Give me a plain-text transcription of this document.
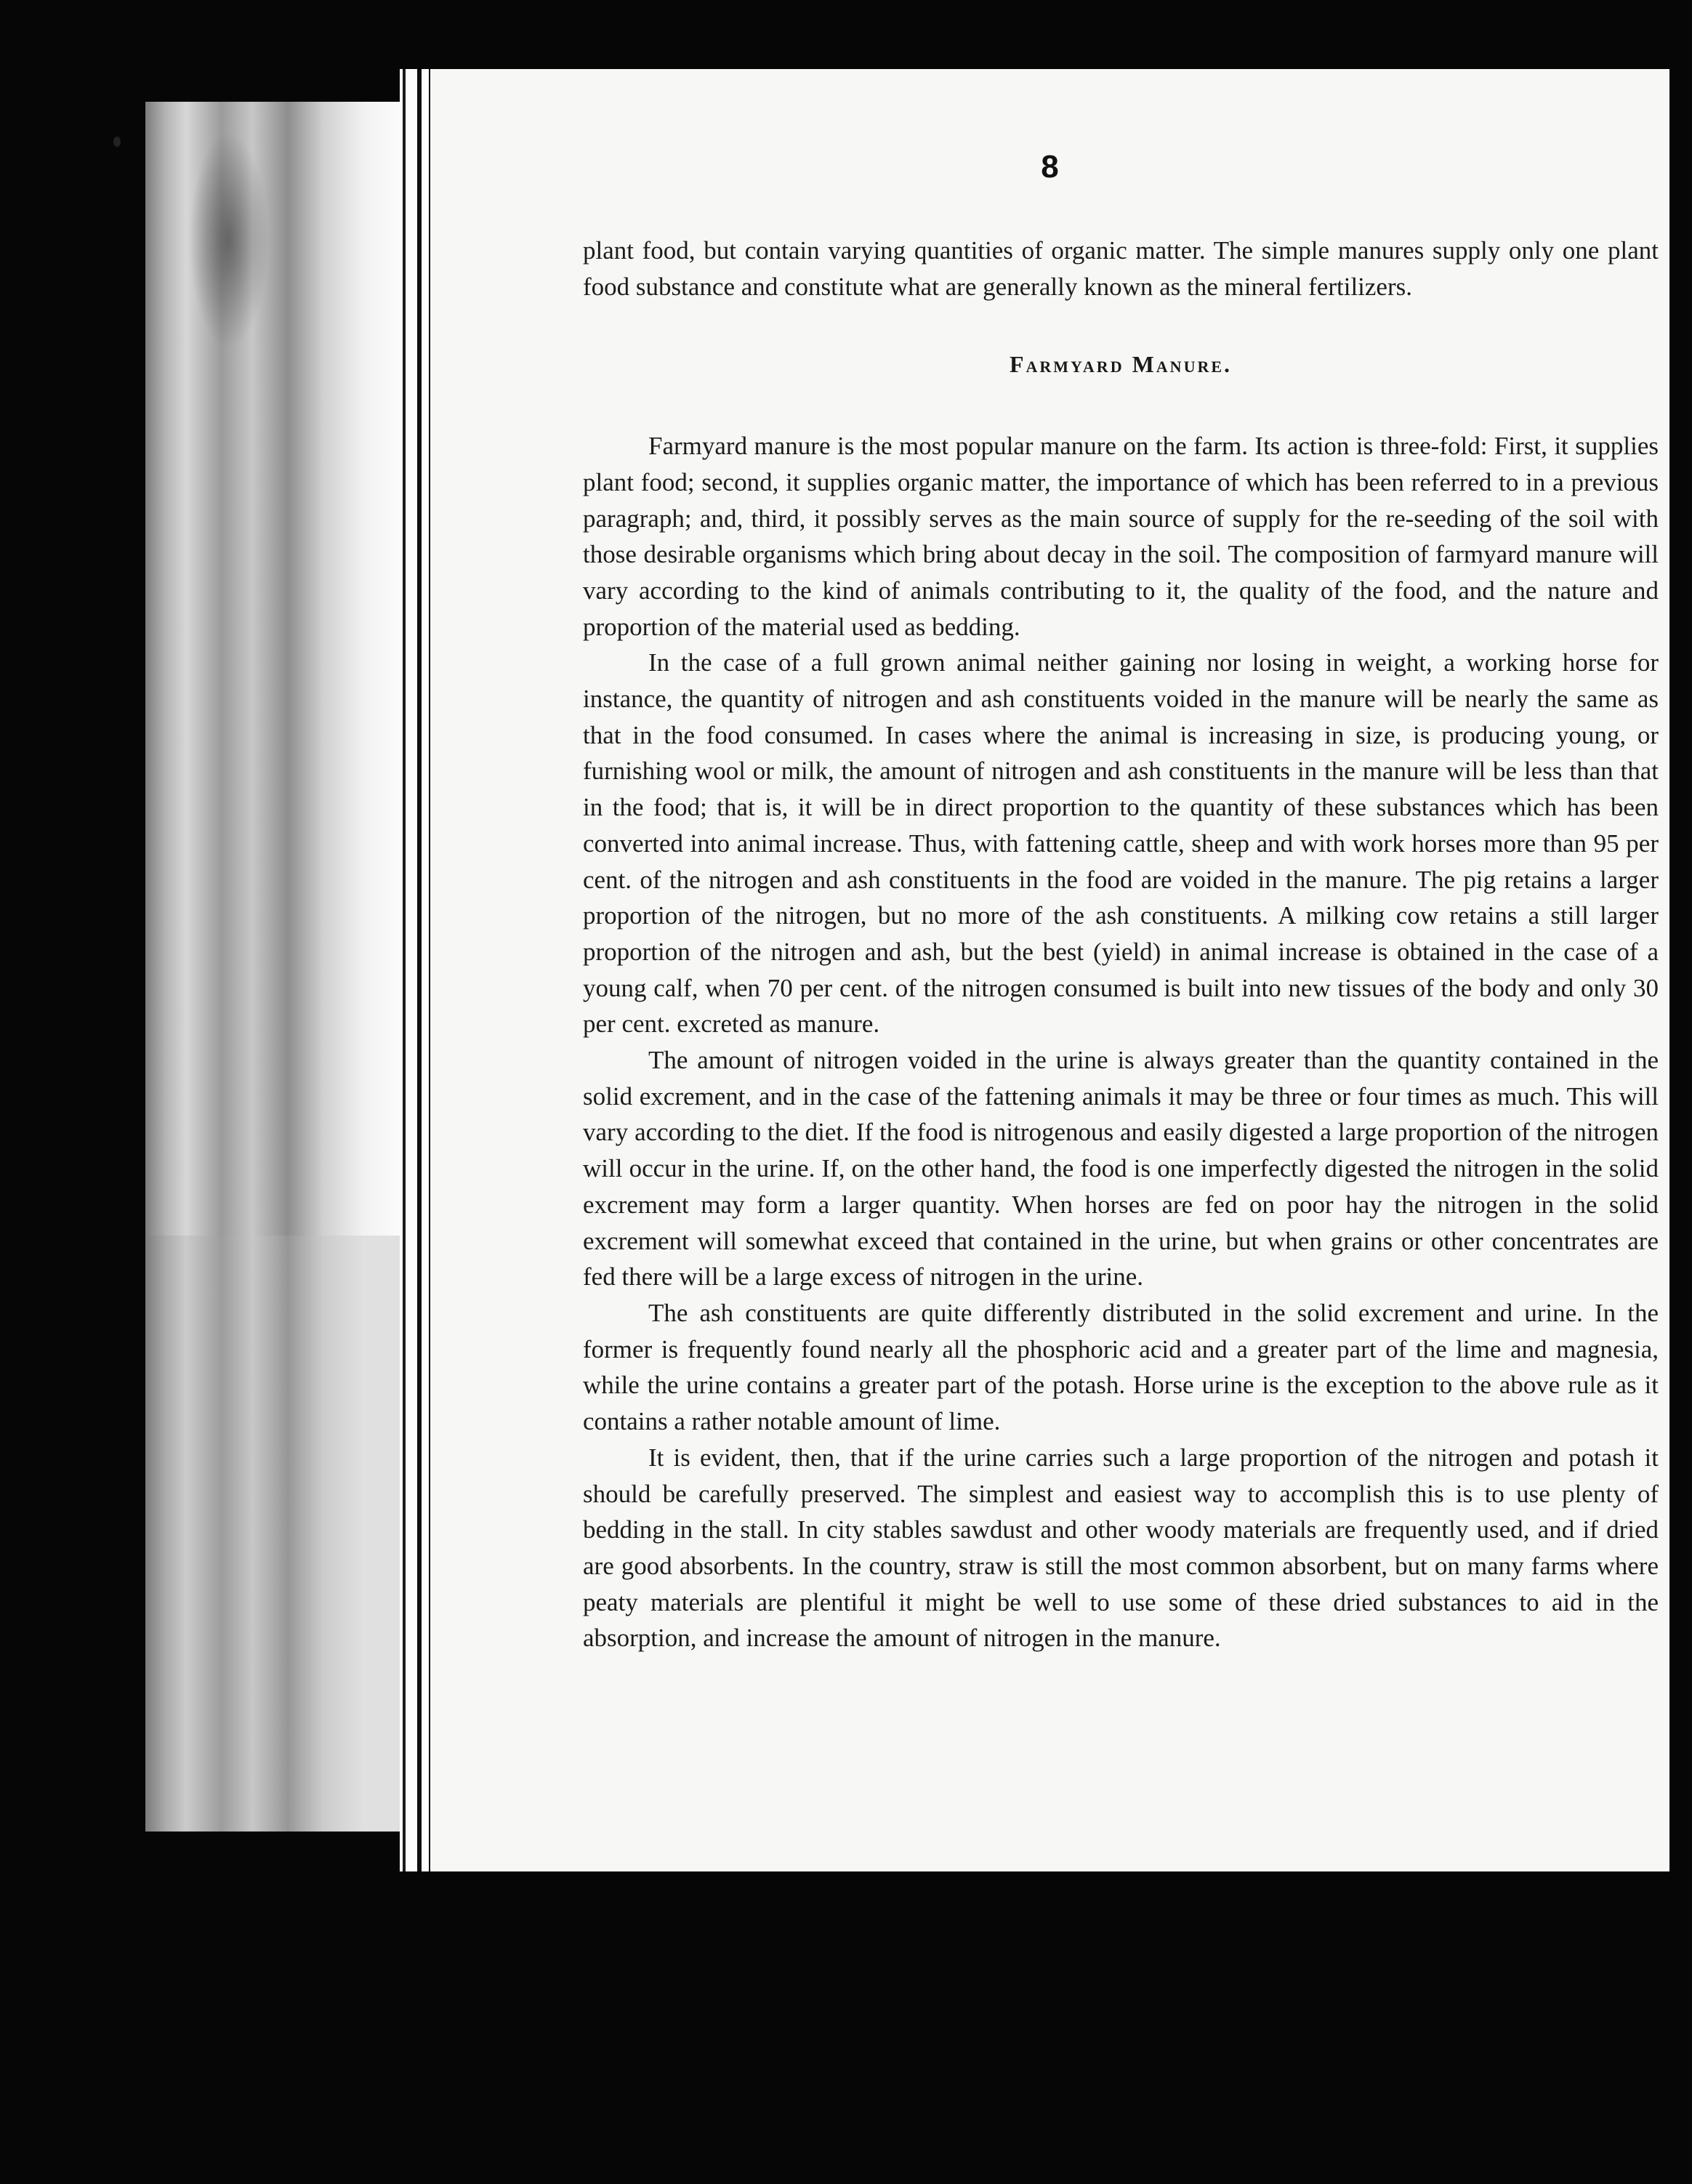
8

plant food, but contain varying quantities of organic matter. The simple manures supply only one plant food substance and constitute what are generally known as the mineral fertilizers.

Farmyard Manure.

Farmyard manure is the most popular manure on the farm. Its action is three-fold: First, it supplies plant food; second, it supplies organic matter, the importance of which has been referred to in a previous paragraph; and, third, it possibly serves as the main source of supply for the re-seeding of the soil with those desirable organisms which bring about decay in the soil. The composition of farmyard manure will vary according to the kind of animals contributing to it, the quality of the food, and the nature and proportion of the material used as bedding.

In the case of a full grown animal neither gaining nor losing in weight, a working horse for instance, the quantity of nitrogen and ash constituents voided in the manure will be nearly the same as that in the food consumed. In cases where the animal is increasing in size, is producing young, or furnishing wool or milk, the amount of nitrogen and ash constituents in the manure will be less than that in the food; that is, it will be in direct proportion to the quantity of these substances which has been converted into animal increase. Thus, with fattening cattle, sheep and with work horses more than 95 per cent. of the nitrogen and ash constituents in the food are voided in the manure. The pig retains a larger proportion of the nitrogen, but no more of the ash constituents. A milking cow retains a still larger proportion of the nitrogen and ash, but the best (yield) in animal increase is obtained in the case of a young calf, when 70 per cent. of the nitrogen consumed is built into new tissues of the body and only 30 per cent. excreted as manure.

The amount of nitrogen voided in the urine is always greater than the quantity contained in the solid excrement, and in the case of the fattening animals it may be three or four times as much. This will vary according to the diet. If the food is nitrogenous and easily digested a large proportion of the nitrogen will occur in the urine. If, on the other hand, the food is one imperfectly digested the nitrogen in the solid excrement may form a larger quantity. When horses are fed on poor hay the nitrogen in the solid excrement will somewhat exceed that contained in the urine, but when grains or other concentrates are fed there will be a large excess of nitrogen in the urine.

The ash constituents are quite differently distributed in the solid excrement and urine. In the former is frequently found nearly all the phosphoric acid and a greater part of the lime and magnesia, while the urine contains a greater part of the potash. Horse urine is the exception to the above rule as it contains a rather notable amount of lime.

It is evident, then, that if the urine carries such a large proportion of the nitrogen and potash it should be carefully preserved. The simplest and easiest way to accomplish this is to use plenty of bedding in the stall. In city stables sawdust and other woody materials are frequently used, and if dried are good absorbents. In the country, straw is still the most common absorbent, but on many farms where peaty materials are plentiful it might be well to use some of these dried substances to aid in the absorption, and increase the amount of nitrogen in the manure.
